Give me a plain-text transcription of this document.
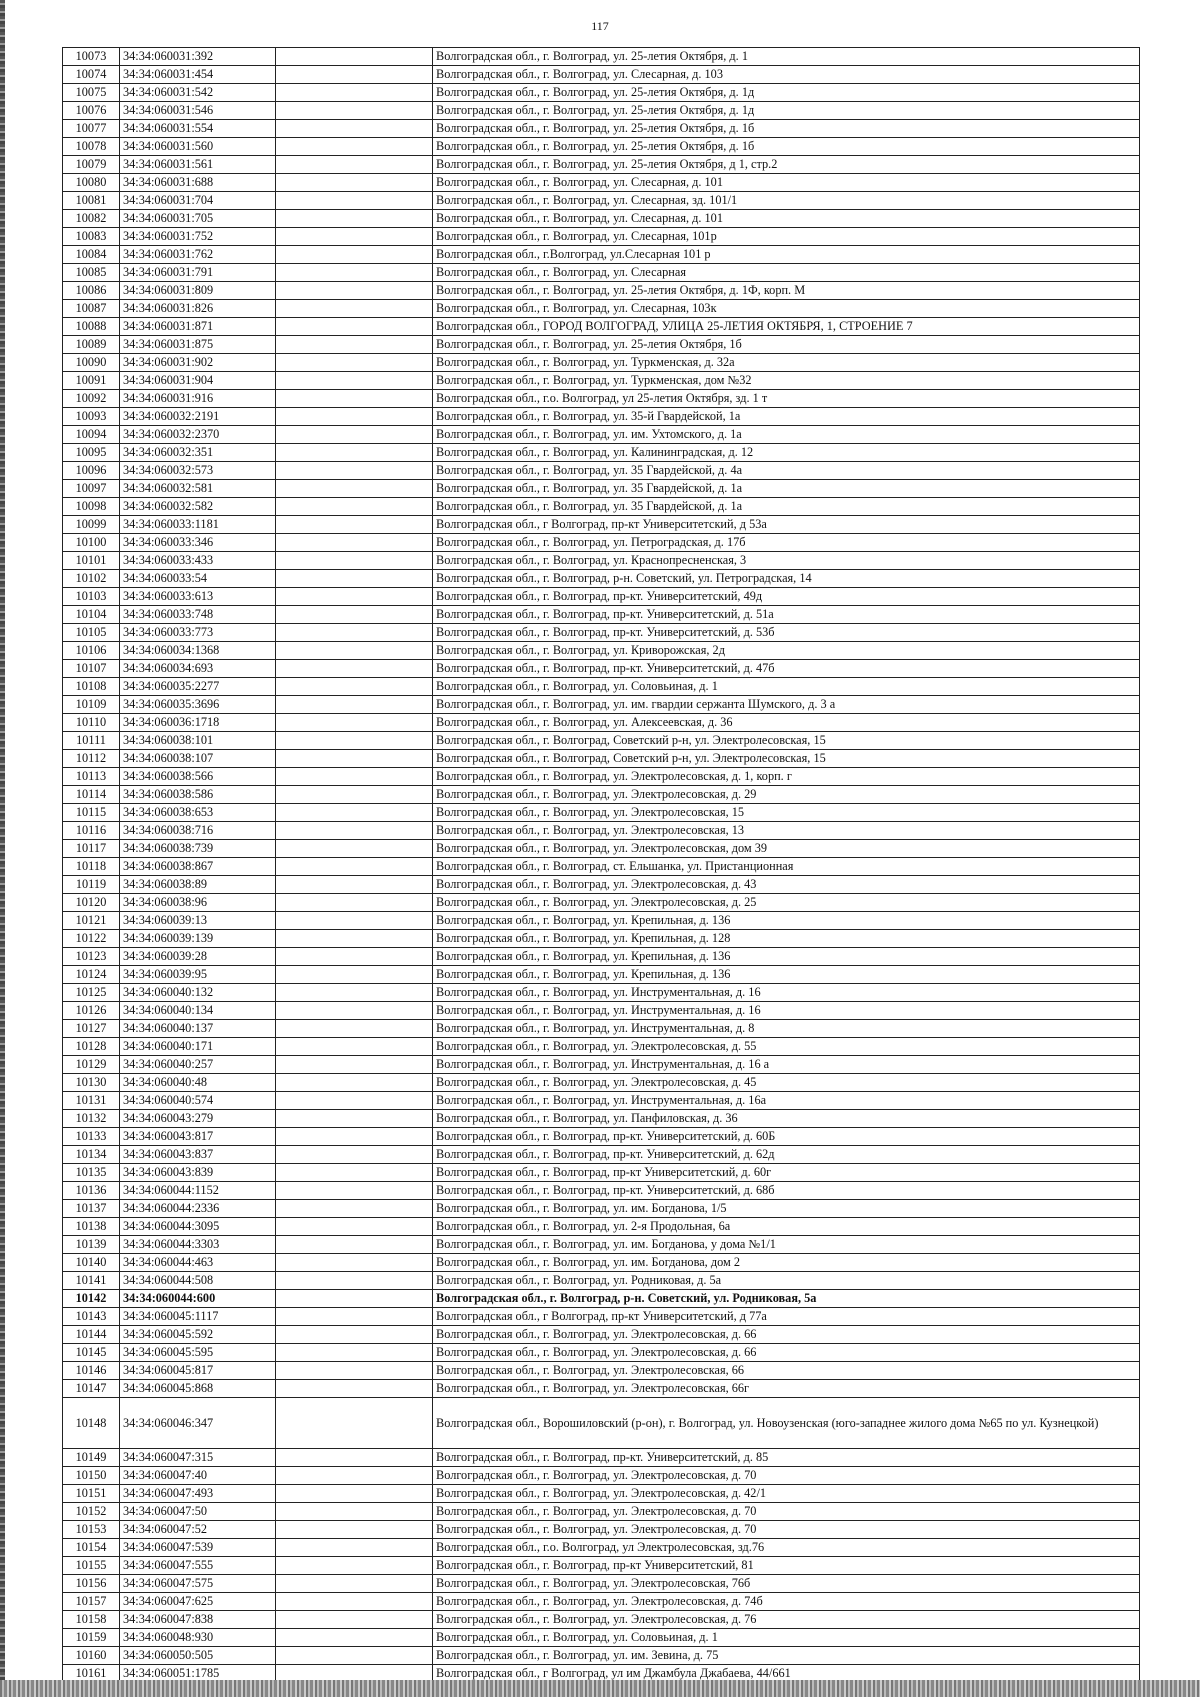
117
10073	34:34:060031:392		Волгоградская обл., г. Волгоград, ул. 25-летия Октября, д. 1
10074	34:34:060031:454		Волгоградская обл., г. Волгоград, ул. Слесарная, д. 103
10075	34:34:060031:542		Волгоградская обл., г. Волгоград, ул. 25-летия Октября, д. 1д
10076	34:34:060031:546		Волгоградская обл., г. Волгоград, ул. 25-летия Октября, д. 1д
10077	34:34:060031:554		Волгоградская обл., г. Волгоград, ул. 25-летия Октября, д. 1б
10078	34:34:060031:560		Волгоградская обл., г. Волгоград, ул. 25-летия Октября, д. 1б
10079	34:34:060031:561		Волгоградская обл., г. Волгоград, ул. 25-летия Октября, д 1, стр.2
10080	34:34:060031:688		Волгоградская обл., г. Волгоград, ул. Слесарная, д. 101
10081	34:34:060031:704		Волгоградская обл., г. Волгоград, ул. Слесарная, зд. 101/1
10082	34:34:060031:705		Волгоградская обл., г. Волгоград, ул. Слесарная, д. 101
10083	34:34:060031:752		Волгоградская обл., г. Волгоград, ул. Слесарная, 101р
10084	34:34:060031:762		Волгоградская обл., г.Волгоград, ул.Слесарная 101 р
10085	34:34:060031:791		Волгоградская обл., г. Волгоград, ул. Слесарная
10086	34:34:060031:809		Волгоградская обл., г. Волгоград, ул. 25-летия Октября, д. 1Ф, корп. М
10087	34:34:060031:826		Волгоградская обл., г. Волгоград, ул. Слесарная, 103к
10088	34:34:060031:871		Волгоградская обл., ГОРОД ВОЛГОГРАД, УЛИЦА 25-ЛЕТИЯ ОКТЯБРЯ, 1, СТРОЕНИЕ 7
10089	34:34:060031:875		Волгоградская обл., г. Волгоград, ул. 25-летия Октября, 1б
10090	34:34:060031:902		Волгоградская обл., г. Волгоград, ул. Туркменская, д. 32а
10091	34:34:060031:904		Волгоградская обл., г. Волгоград, ул. Туркменская, дом №32
10092	34:34:060031:916		Волгоградская обл., г.о. Волгоград, ул 25-летия Октября, зд. 1 т
10093	34:34:060032:2191		Волгоградская обл., г. Волгоград, ул. 35-й Гвардейской, 1а
10094	34:34:060032:2370		Волгоградская обл., г. Волгоград, ул. им. Ухтомского, д. 1а
10095	34:34:060032:351		Волгоградская обл., г. Волгоград, ул. Калининградская, д. 12
10096	34:34:060032:573		Волгоградская обл., г. Волгоград, ул. 35 Гвардейской, д. 4а
10097	34:34:060032:581		Волгоградская обл., г. Волгоград, ул. 35 Гвардейской, д. 1а
10098	34:34:060032:582		Волгоградская обл., г. Волгоград, ул. 35 Гвардейской, д. 1а
10099	34:34:060033:1181		Волгоградская обл., г Волгоград, пр-кт Университетский, д 53а
10100	34:34:060033:346		Волгоградская обл., г. Волгоград, ул. Петроградская, д. 17б
10101	34:34:060033:433		Волгоградская обл., г. Волгоград, ул. Краснопресненская, 3
10102	34:34:060033:54		Волгоградская обл., г. Волгоград, р-н. Советский, ул. Петроградская, 14
10103	34:34:060033:613		Волгоградская обл., г. Волгоград, пр-кт. Университетский, 49д
10104	34:34:060033:748		Волгоградская обл., г. Волгоград, пр-кт. Университетский, д. 51а
10105	34:34:060033:773		Волгоградская обл., г. Волгоград, пр-кт. Университетский, д. 53б
10106	34:34:060034:1368		Волгоградская обл., г. Волгоград, ул. Криворожская, 2д
10107	34:34:060034:693		Волгоградская обл., г. Волгоград, пр-кт. Университетский, д. 47б
10108	34:34:060035:2277		Волгоградская обл., г. Волгоград, ул. Соловьиная, д. 1
10109	34:34:060035:3696		Волгоградская обл., г. Волгоград, ул. им. гвардии сержанта Шумского, д. 3 а
10110	34:34:060036:1718		Волгоградская обл., г. Волгоград, ул. Алексеевская, д. 36
10111	34:34:060038:101		Волгоградская обл., г. Волгоград, Советский р-н, ул. Электролесовская, 15
10112	34:34:060038:107		Волгоградская обл., г. Волгоград, Советский р-н, ул. Электролесовская, 15
10113	34:34:060038:566		Волгоградская обл., г. Волгоград, ул. Электролесовская, д. 1, корп. г
10114	34:34:060038:586		Волгоградская обл., г. Волгоград, ул. Электролесовская, д. 29
10115	34:34:060038:653		Волгоградская обл., г. Волгоград, ул. Электролесовская, 15
10116	34:34:060038:716		Волгоградская обл., г. Волгоград, ул. Электролесовская, 13
10117	34:34:060038:739		Волгоградская обл., г. Волгоград, ул. Электролесовская, дом 39
10118	34:34:060038:867		Волгоградская обл., г. Волгоград, ст. Ельшанка, ул. Пристанционная
10119	34:34:060038:89		Волгоградская обл., г. Волгоград, ул. Электролесовская, д. 43
10120	34:34:060038:96		Волгоградская обл., г. Волгоград, ул. Электролесовская, д. 25
10121	34:34:060039:13		Волгоградская обл., г. Волгоград, ул. Крепильная, д. 136
10122	34:34:060039:139		Волгоградская обл., г. Волгоград, ул. Крепильная, д. 128
10123	34:34:060039:28		Волгоградская обл., г. Волгоград, ул. Крепильная, д. 136
10124	34:34:060039:95		Волгоградская обл., г. Волгоград, ул. Крепильная, д. 136
10125	34:34:060040:132		Волгоградская обл., г. Волгоград, ул. Инструментальная, д. 16
10126	34:34:060040:134		Волгоградская обл., г. Волгоград, ул. Инструментальная, д. 16
10127	34:34:060040:137		Волгоградская обл., г. Волгоград, ул. Инструментальная, д. 8
10128	34:34:060040:171		Волгоградская обл., г. Волгоград, ул. Электролесовская, д. 55
10129	34:34:060040:257		Волгоградская обл., г. Волгоград, ул. Инструментальная, д. 16 а
10130	34:34:060040:48		Волгоградская обл., г. Волгоград, ул. Электролесовская, д. 45
10131	34:34:060040:574		Волгоградская обл., г. Волгоград, ул. Инструментальная, д. 16а
10132	34:34:060043:279		Волгоградская обл., г. Волгоград, ул. Панфиловская, д. 36
10133	34:34:060043:817		Волгоградская обл., г. Волгоград, пр-кт. Университетский, д. 60Б
10134	34:34:060043:837		Волгоградская обл., г. Волгоград, пр-кт. Университетский, д. 62д
10135	34:34:060043:839		Волгоградская обл., г. Волгоград, пр-кт Университетский, д. 60г
10136	34:34:060044:1152		Волгоградская обл., г. Волгоград, пр-кт. Университетский, д. 68б
10137	34:34:060044:2336		Волгоградская обл., г. Волгоград, ул. им. Богданова, 1/5
10138	34:34:060044:3095		Волгоградская обл., г. Волгоград, ул. 2-я Продольная, 6а
10139	34:34:060044:3303		Волгоградская обл., г. Волгоград, ул. им. Богданова, у дома №1/1
10140	34:34:060044:463		Волгоградская обл., г. Волгоград, ул. им. Богданова, дом 2
10141	34:34:060044:508		Волгоградская обл., г. Волгоград, ул. Родниковая, д. 5а
10142	34:34:060044:600		Волгоградская обл., г. Волгоград, р-н. Советский, ул. Родниковая, 5а
10143	34:34:060045:1117		Волгоградская обл., г Волгоград, пр-кт Университетский, д 77а
10144	34:34:060045:592		Волгоградская обл., г. Волгоград, ул. Электролесовская, д. 66
10145	34:34:060045:595		Волгоградская обл., г. Волгоград, ул. Электролесовская, д. 66
10146	34:34:060045:817		Волгоградская обл., г. Волгоград, ул. Электролесовская, 66
10147	34:34:060045:868		Волгоградская обл., г. Волгоград, ул. Электролесовская, 66г
10148	34:34:060046:347		Волгоградская обл., Ворошиловский (р-он), г. Волгоград, ул. Новоузенская (юго-западнее жилого дома №65 по ул. Кузнецкой)
10149	34:34:060047:315		Волгоградская обл., г. Волгоград, пр-кт. Университетский, д. 85
10150	34:34:060047:40		Волгоградская обл., г. Волгоград, ул. Электролесовская, д. 70
10151	34:34:060047:493		Волгоградская обл., г. Волгоград, ул. Электролесовская, д. 42/1
10152	34:34:060047:50		Волгоградская обл., г. Волгоград, ул. Электролесовская, д. 70
10153	34:34:060047:52		Волгоградская обл., г. Волгоград, ул. Электролесовская, д. 70
10154	34:34:060047:539		Волгоградская обл., г.о. Волгоград, ул Электролесовская, зд.76
10155	34:34:060047:555		Волгоградская обл., г. Волгоград, пр-кт Университетский, 81
10156	34:34:060047:575		Волгоградская обл., г. Волгоград, ул. Электролесовская, 76б
10157	34:34:060047:625		Волгоградская обл., г. Волгоград, ул. Электролесовская, д. 74б
10158	34:34:060047:838		Волгоградская обл., г. Волгоград, ул. Электролесовская, д. 76
10159	34:34:060048:930		Волгоградская обл., г. Волгоград, ул. Соловьиная, д. 1
10160	34:34:060050:505		Волгоградская обл., г. Волгоград, ул. им. Зевина, д. 75
10161	34:34:060051:1785		Волгоградская обл., г Волгоград, ул им Джамбула Джабаева, 44/661
